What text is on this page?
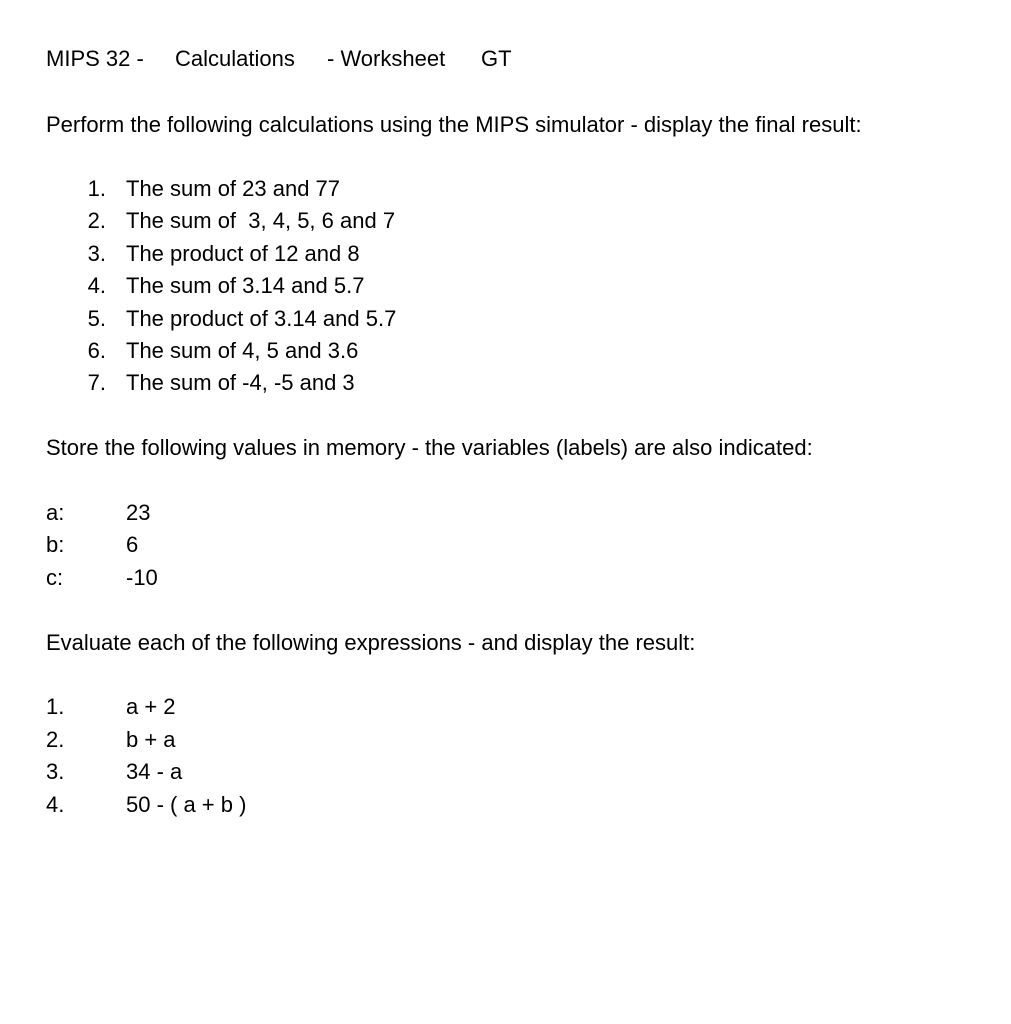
MIPS 32 - Calculations - Worksheet GT
Perform the following calculations using the MIPS simulator - display the final result:
1. The sum of 23 and 77
2. The sum of  3, 4, 5, 6 and 7
3. The product of 12 and 8
4. The sum of 3.14 and 5.7
5. The product of 3.14 and 5.7
6. The sum of 4, 5 and 3.6
7. The sum of -4, -5 and 3
Store the following values in memory - the variables (labels) are also indicated:
a:	23
b:	6
c:	-10
Evaluate each of the following expressions - and display the result:
1.	a + 2
2.	b + a
3.	34 - a
4.	50 - ( a + b )
